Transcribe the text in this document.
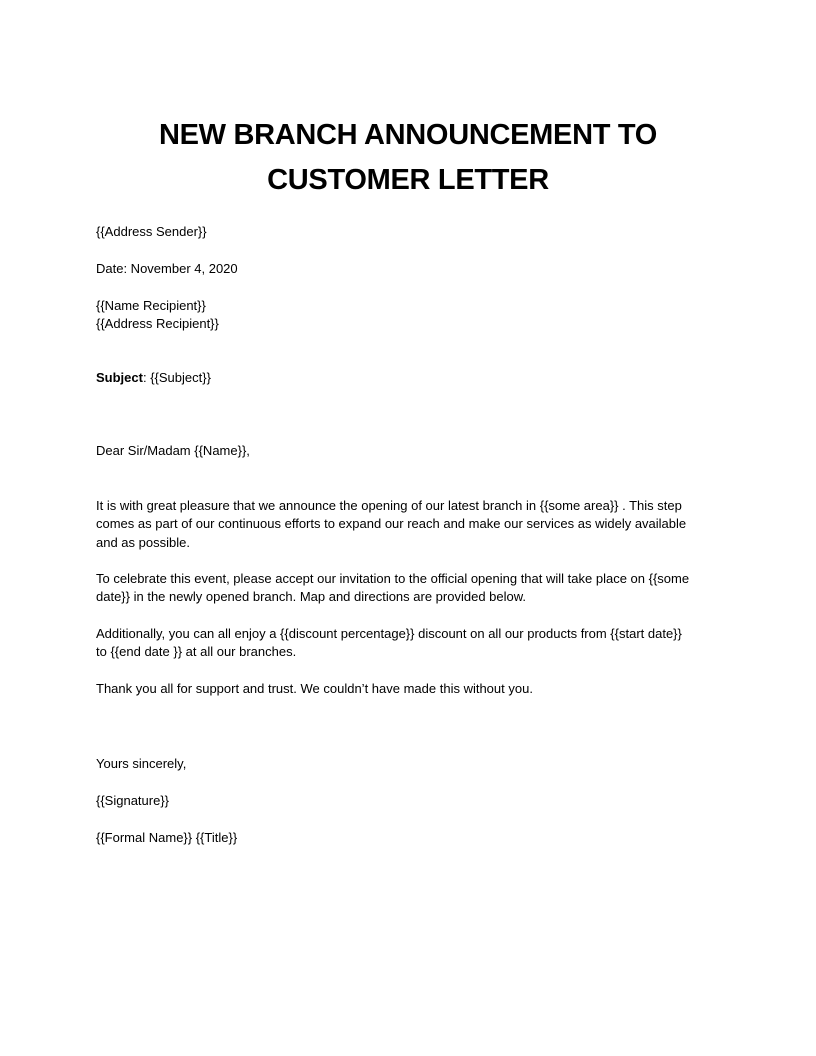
NEW BRANCH ANNOUNCEMENT TO
CUSTOMER LETTER

{{Address Sender}}

Date: November 4, 2020

{{Name Recipient}}

{{Address Recipient}}

Subject: {{Subject}}

Dear Sir/Madam {{Name}},

It is with great pleasure that we announce the opening of our latest branch in {{some area}} . This step
comes as part of our continuous efforts to expand our reach and make our services as widely available
and as possible.
To celebrate this event, please accept our invitation to the official opening that will take place on {{some
date}} in the newly opened branch. Map and directions are provided below.
Additionally, you can all enjoy a {{discount percentage}} discount on all our products from {{start date}}
to {{end date }} at all our branches.

Thank you all for support and trust. We couldn’t have made this without you.

Yours sincerely,

{{Signature}}

{{Formal Name}} {{Title}}
